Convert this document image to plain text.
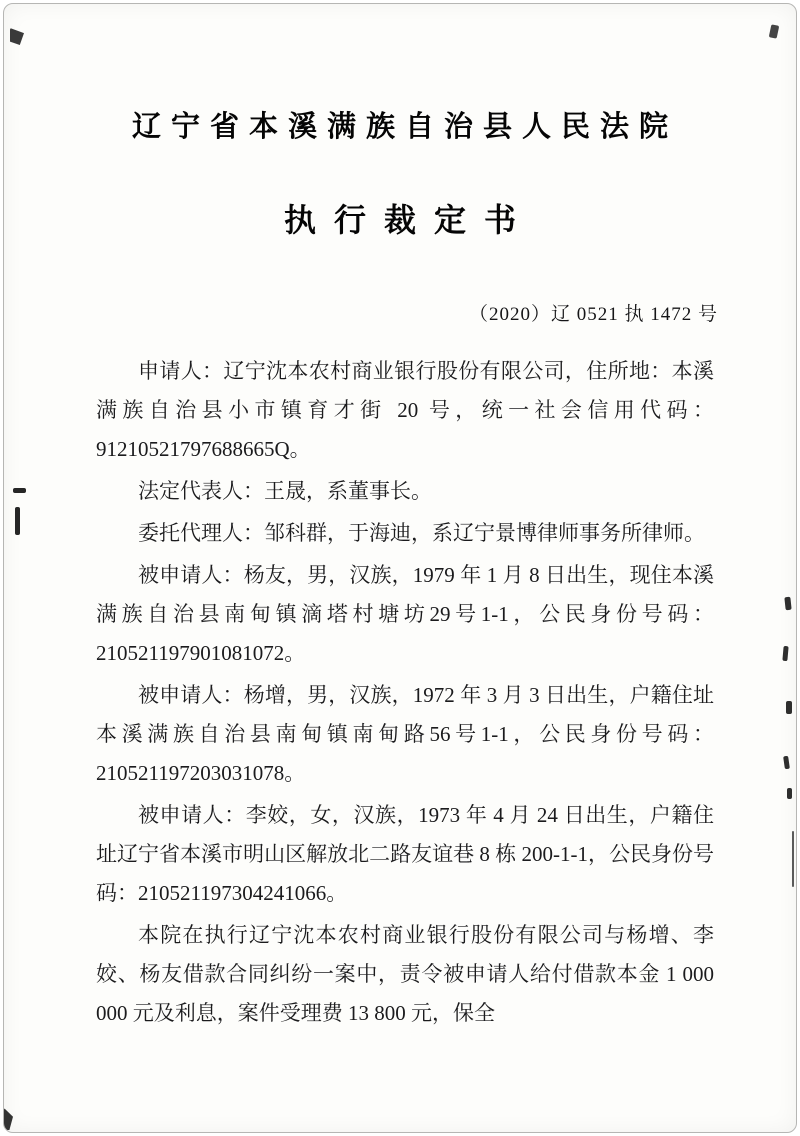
辽宁省本溪满族自治县人民法院
执行裁定书
（2020）辽 0521 执 1472 号

申请人：辽宁沈本农村商业银行股份有限公司，住所地：本溪满族自治县小市镇育才街 20 号，统一社会信用代码：91210521797688665Q。

法定代表人：王晟，系董事长。

委托代理人：邹科群，于海迪，系辽宁景博律师事务所律师。

被申请人：杨友，男，汉族，1979 年 1 月 8 日出生，现住本溪满族自治县南甸镇滴塔村塘坊29号1-1，公民身份号码：210521197901081072。

被申请人：杨增，男，汉族，1972 年 3 月 3 日出生，户籍住址本溪满族自治县南甸镇南甸路56号1-1，公民身份号码：210521197203031078。

被申请人：李姣，女，汉族，1973 年 4 月 24 日出生，户籍住址辽宁省本溪市明山区解放北二路友谊巷 8 栋 200-1-1，公民身份号码：210521197304241066。

本院在执行辽宁沈本农村商业银行股份有限公司与杨增、李姣、杨友借款合同纠纷一案中，责令被申请人给付借款本金 1 000 000 元及利息，案件受理费 13 800 元，保全
